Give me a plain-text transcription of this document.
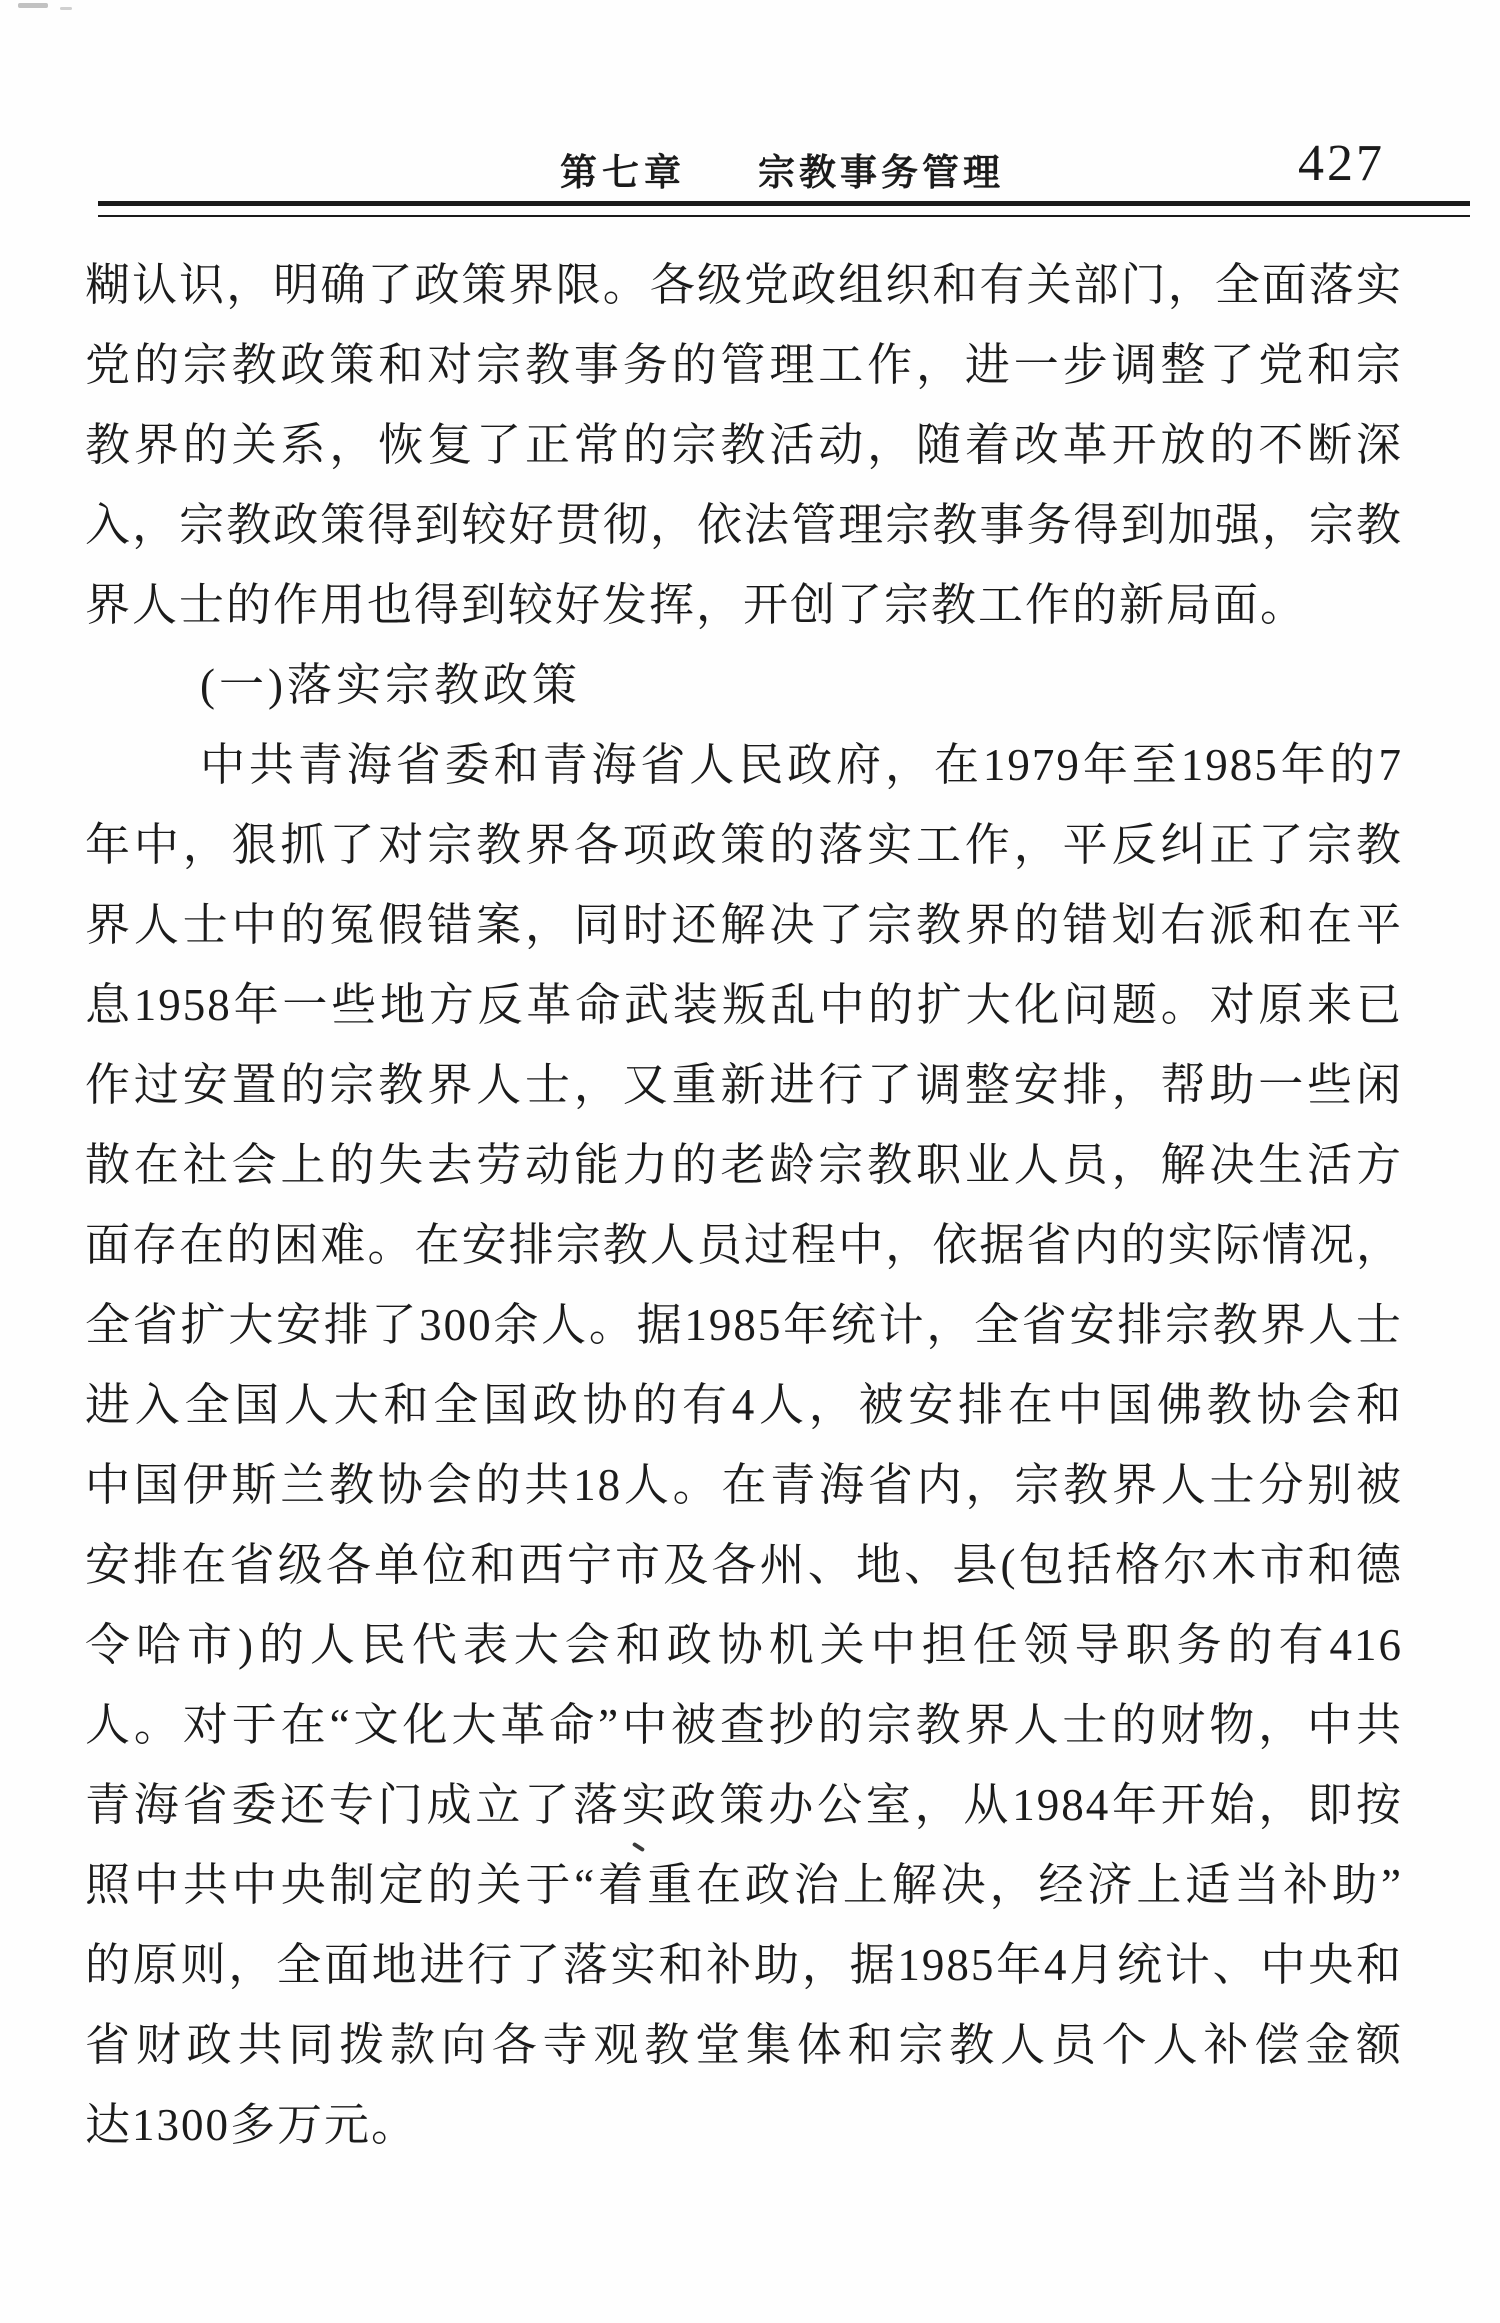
第七章 宗教事务管理	427
糊认识，明确了政策界限。各级党政组织和有关部门，全面落实
党的宗教政策和对宗教事务的管理工作，进一步调整了党和宗
教界的关系，恢复了正常的宗教活动，随着改革开放的不断深
入，宗教政策得到较好贯彻，依法管理宗教事务得到加强，宗教
界人士的作用也得到较好发挥，开创了宗教工作的新局面。
(一)落实宗教政策
中共青海省委和青海省人民政府，在1979年至1985年的7
年中，狠抓了对宗教界各项政策的落实工作，平反纠正了宗教
界人士中的冤假错案，同时还解决了宗教界的错划右派和在平
息1958年一些地方反革命武装叛乱中的扩大化问题。对原来已
作过安置的宗教界人士，又重新进行了调整安排，帮助一些闲
散在社会上的失去劳动能力的老龄宗教职业人员，解决生活方
面存在的困难。在安排宗教人员过程中，依据省内的实际情况，
全省扩大安排了300余人。据1985年统计，全省安排宗教界人士
进入全国人大和全国政协的有4人，被安排在中国佛教协会和
中国伊斯兰教协会的共18人。在青海省内，宗教界人士分别被
安排在省级各单位和西宁市及各州、地、县(包括格尔木市和德
令哈市)的人民代表大会和政协机关中担任领导职务的有416
人。对于在“文化大革命”中被查抄的宗教界人士的财物，中共
青海省委还专门成立了落实政策办公室，从1984年开始，即按
照中共中央制定的关于“着重在政治上解决，经济上适当补助”
的原则，全面地进行了落实和补助，据1985年4月统计、中央和
省财政共同拨款向各寺观教堂集体和宗教人员个人补偿金额
达1300多万元。
